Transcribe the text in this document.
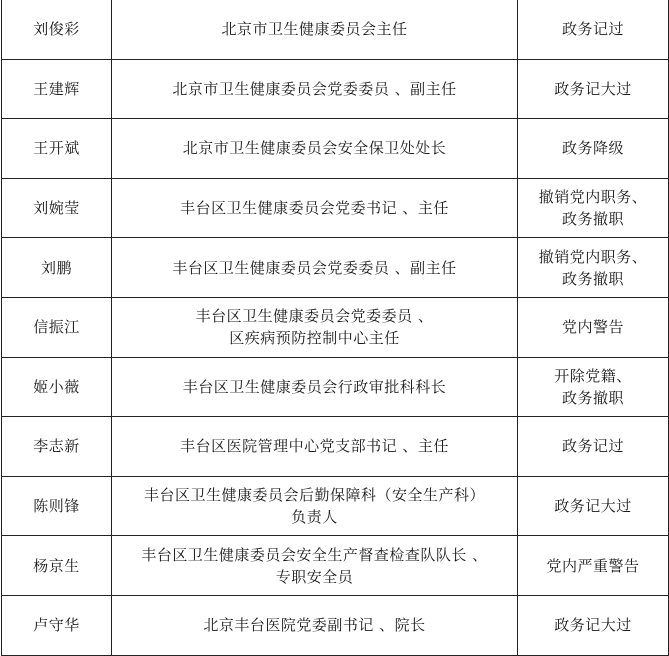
刘俊彩	北京市卫生健康委员会主任	政务记过

王建辉	北京市卫生健康委员会党委委员 、副主任	政务记大过

王开斌	北京市卫生健康委员会安全保卫处处长	政务降级

刘婉莹	丰台区卫生健康委员会党委书记 、主任	撤销党内职务、
政务撤职

刘鹏	丰台区卫生健康委员会党委委员 、副主任	撤销党内职务、
政务撤职

信振江	丰台区卫生健康委员会党委委员 、
区疾病预防控制中心主任	党内警告

姬小薇	丰台区卫生健康委员会行政审批科科长	开除党籍、
政务撤职

李志新	丰台区医院管理中心党支部书记 、主任	政务记过

陈则锋	丰台区卫生健康委员会后勤保障科（安全生产科）
负责人	政务记大过

杨京生	丰台区卫生健康委员会安全生产督查检查队队长 、
专职安全员	党内严重警告

卢守华	北京丰台医院党委副书记 、院长	政务记大过
